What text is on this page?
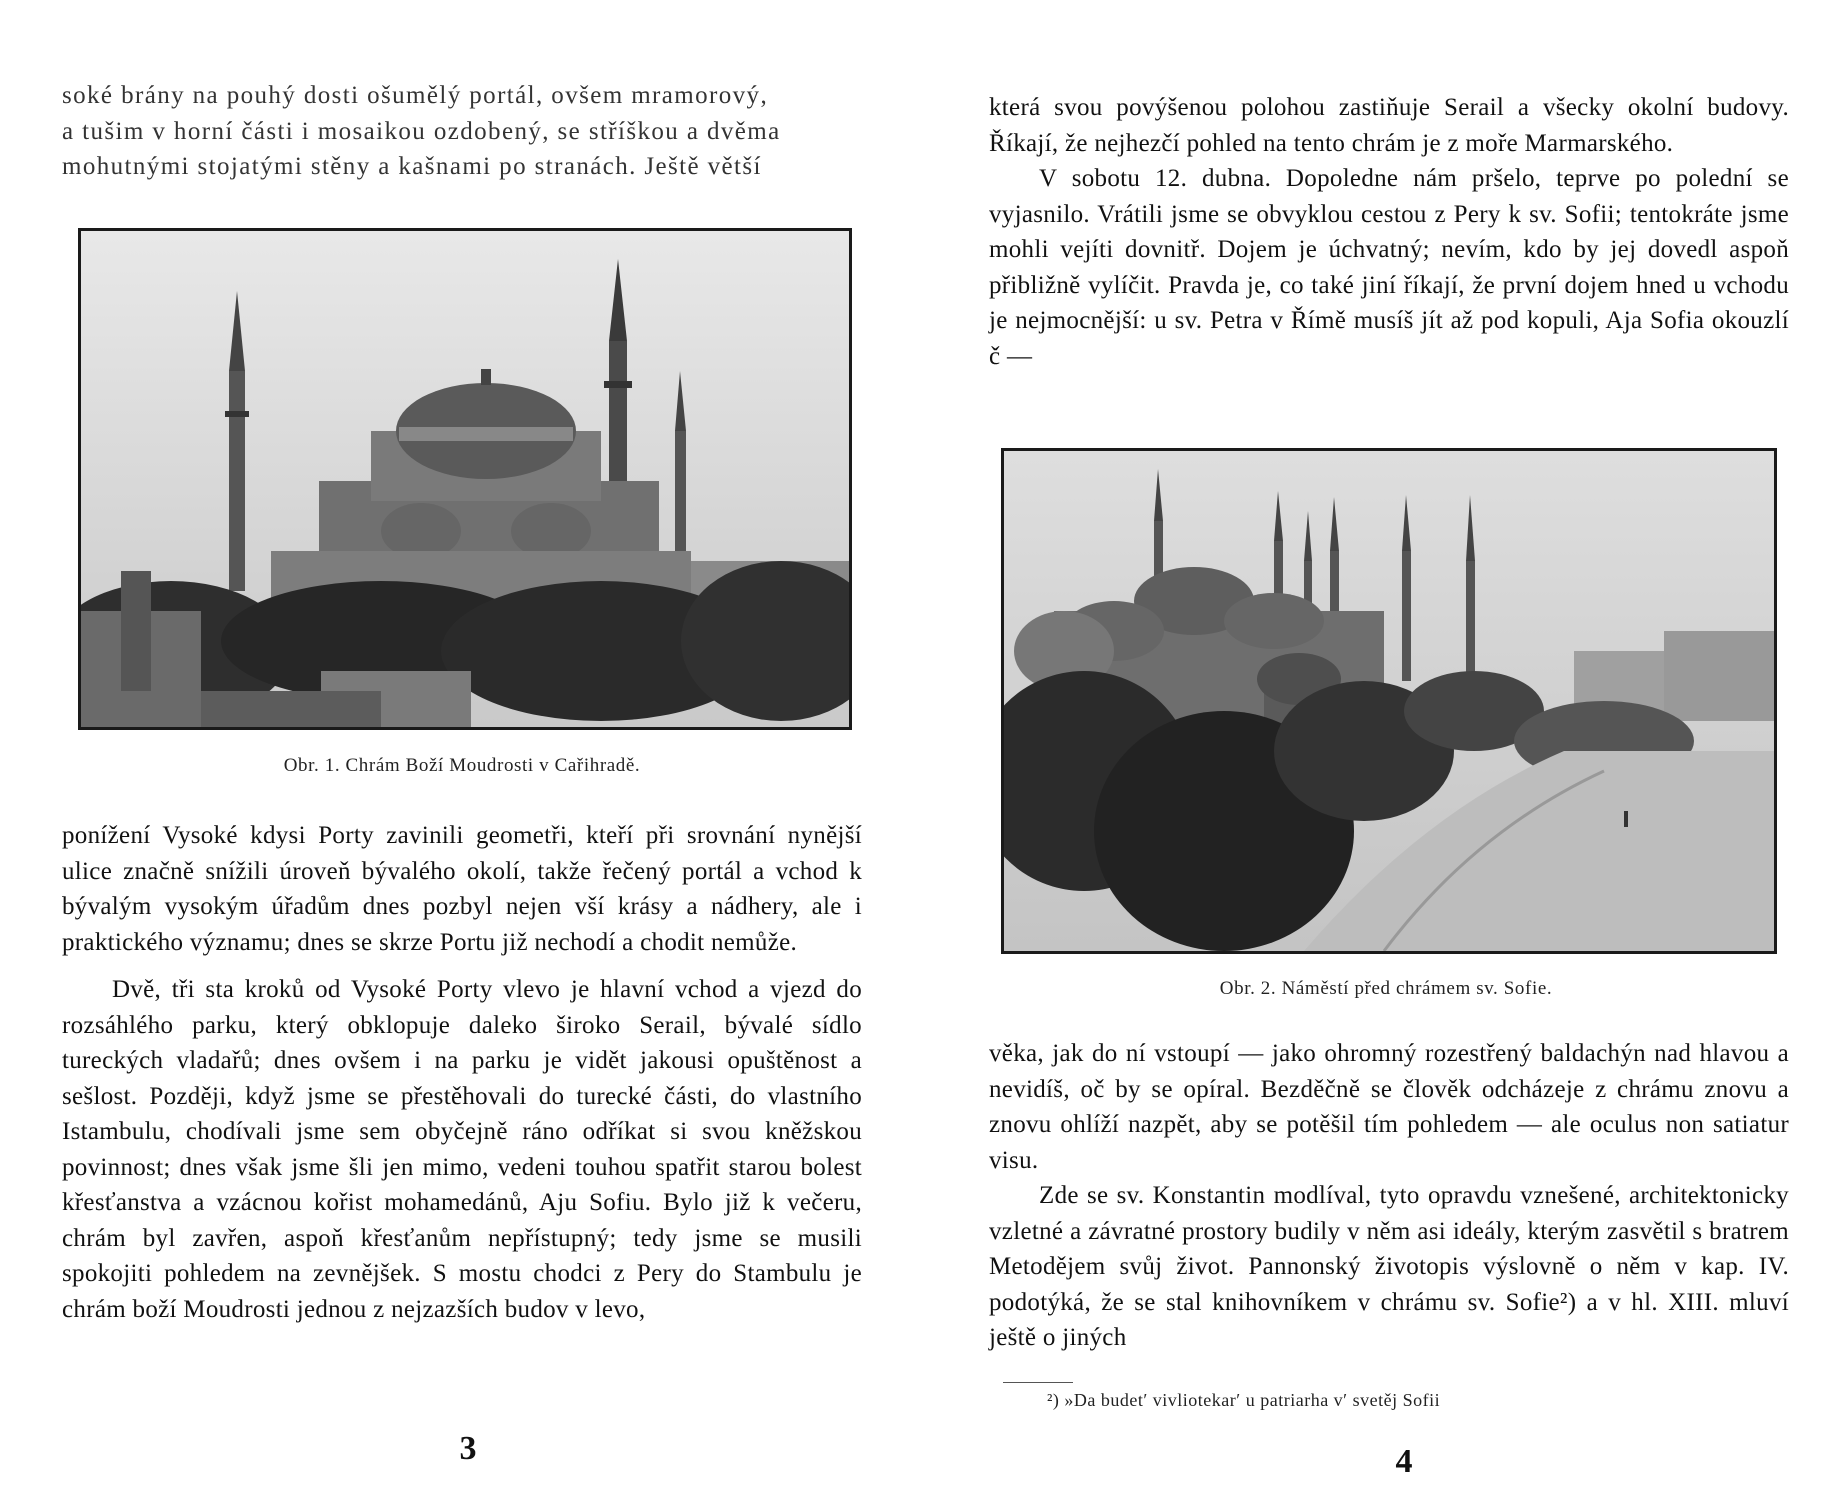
soké brány na pouhý dosti ošumělý portál, ovšem mramorový,

a tušim v horní části i mosaikou ozdobený, se stříškou a dvěma

mohutnými stojatými stěny a kašnami po stranách. Ještě větší

Obr. 1. Chrám Boží Moudrosti v Cařihradě.

ponížení Vysoké kdysi Porty zavinili geometři, kteří při srovnání nynější ulice značně snížili úroveň bývalého okolí, takže řečený portál a vchod k bývalým vysokým úřadům dnes pozbyl nejen vší krásy a nádhery, ale i praktického významu; dnes se skrze Portu již nechodí a chodit nemůže.

Dvě, tři sta kroků od Vysoké Porty vlevo je hlavní vchod a vjezd do rozsáhlého parku, který obklopuje daleko široko Serail, bývalé sídlo tureckých vladařů; dnes ovšem i na parku je vidět jakousi opuštěnost a sešlost. Později, když jsme se přestěhovali do turecké části, do vlastního Istambulu, chodívali jsme sem obyčejně ráno odříkat si svou kněžskou povinnost; dnes však jsme šli jen mimo, vedeni touhou spatřit starou bolest křesťanstva a vzácnou kořist mohamedánů, Aju Sofiu. Bylo již k večeru, chrám byl zavřen, aspoň křesťanům nepřístupný; tedy jsme se musili spokojiti pohledem na zevnějšek. S mostu chodci z Pery do Stambulu je chrám boží Moudrosti jednou z nejzazších budov v levo,

3

která svou povýšenou polohou zastiňuje Serail a všecky okolní budovy. Říkají, že nejhezčí pohled na tento chrám je z moře Marmarského.

V sobotu 12. dubna. Dopoledne nám pršelo, teprve po polední se vyjasnilo. Vrátili jsme se obvyklou cestou z Pery k sv. Sofii; tentokráte jsme mohli vejíti dovnitř. Dojem je úchvatný; nevím, kdo by jej dovedl aspoň přibližně vylíčit. Pravda je, co také jiní říkají, že první dojem hned u vchodu je nejmocnější: u sv. Petra v Římě musíš jít až pod kopuli, Aja Sofia okouzlí č —

Obr. 2. Náměstí před chrámem sv. Sofie.

věka, jak do ní vstoupí — jako ohromný rozestřený baldachýn nad hlavou a nevidíš, oč by se opíral. Bezděčně se člověk odcházeje z chrámu znovu a znovu ohlíží nazpět, aby se potěšil tím pohledem — ale oculus non satiatur visu.

Zde se sv. Konstantin modlíval, tyto opravdu vznešené, architektonicky vzletné a závratné prostory budily v něm asi ideály, kterým zasvětil s bratrem Metodějem svůj život. Pannonský životopis výslovně o něm v kap. IV. podotýká, že se stal knihovníkem v chrámu sv. Sofie²) a v hl. XIII. mluví ještě o jiných

²) »Da budet′ vivliotekar′ u patriarha v′ svetěj Sofii
4
